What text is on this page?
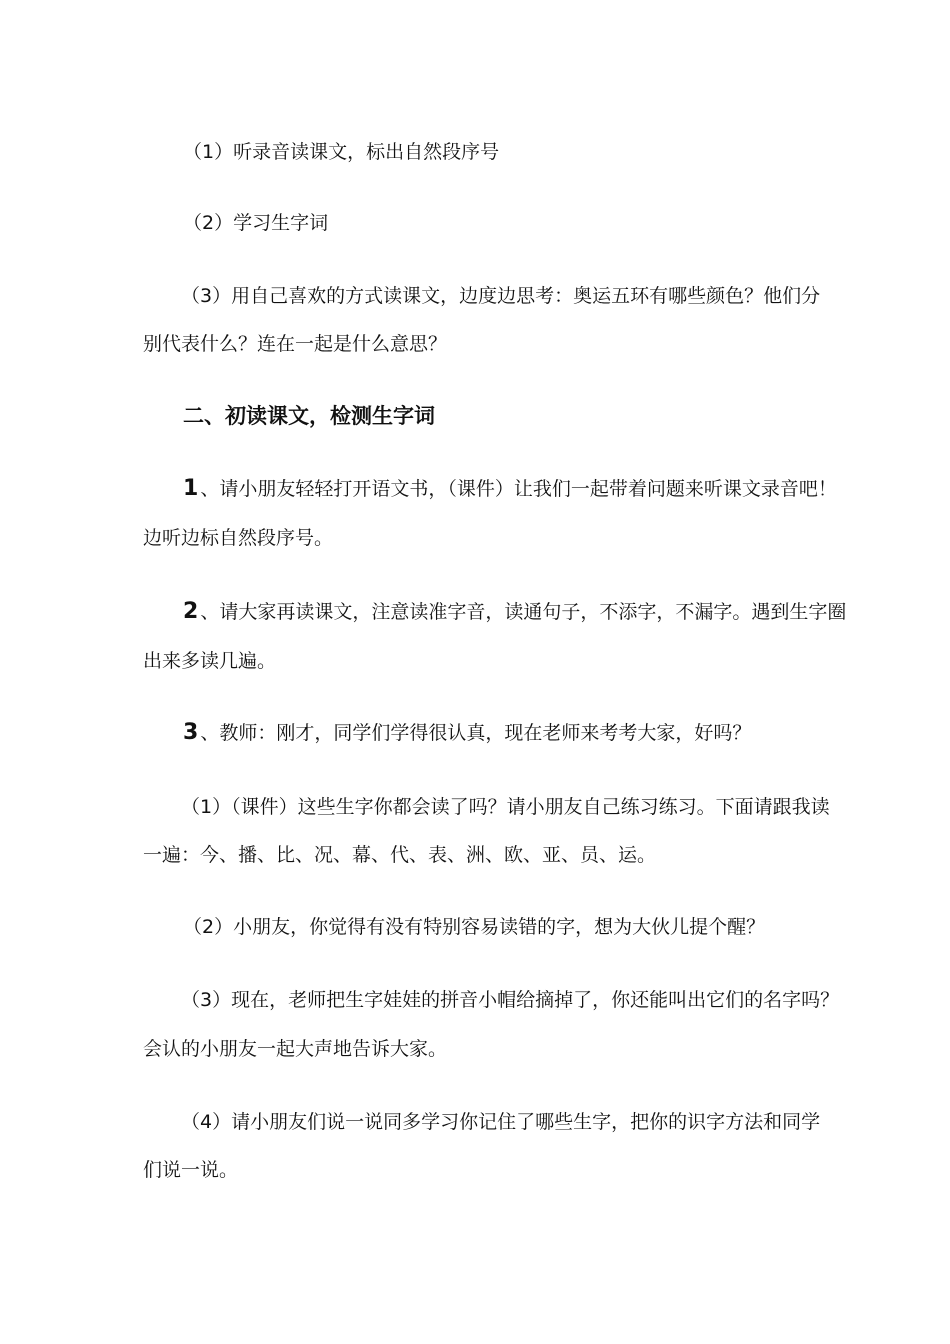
（1）听录音读课文，标出自然段序号
（2）学习生字词
（3）用自己喜欢的方式读课文，边度边思考：奥运五环有哪些颜色？他们分
别代表什么？连在一起是什么意思？
二、初读课文，检测生字词
1 、请小朋友轻轻打开语文书，（课件）让我们一起带着问题来听课文录音吧！
边听边标自然段序号。
2 、请大家再读课文，注意读准字音，读通句子，不添字，不漏字。遇到生字圈
出来多读几遍。
3 、教师：刚才，同学们学得很认真，现在老师来考考大家，好吗？
（1）（课件）这些生字你都会读了吗？请小朋友自己练习练习。下面请跟我读
一遍：今、播、比、况、幕、代、表、洲、欧、亚、员、运。
（2）小朋友，你觉得有没有特别容易读错的字，想为大伙儿提个醒？
（3）现在，老师把生字娃娃的拼音小帽给摘掉了，你还能叫出它们的名字吗？
会认的小朋友一起大声地告诉大家。
（4）请小朋友们说一说同多学习你记住了哪些生字，把你的识字方法和同学
们说一说。
